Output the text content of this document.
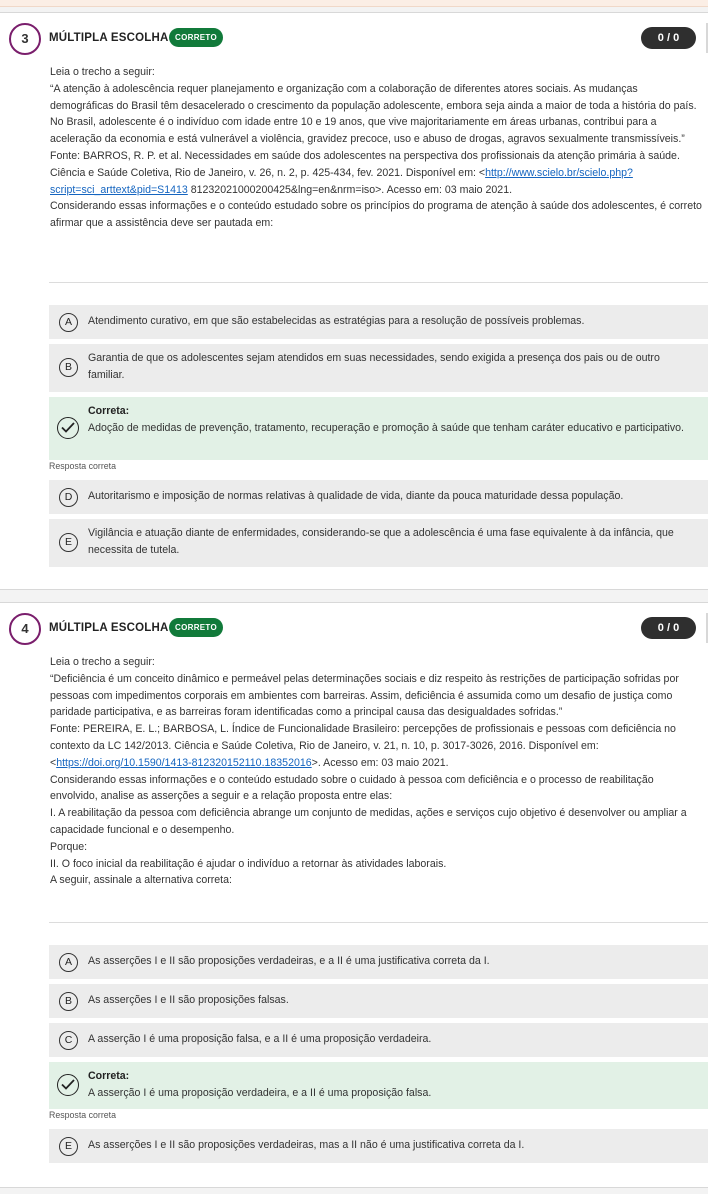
3	MÚLTIPLA ESCOLHA CORRETO	0 / 0

Leia o trecho a seguir:

“A atenção à adolescência requer planejamento e organização com a colaboração de diferentes atores sociais. As mudanças demográficas do Brasil têm desacelerado o crescimento da população adolescente, embora seja ainda a maior de toda a história do país. No Brasil, adolescente é o indivíduo com idade entre 10 e 19 anos, que vive majoritariamente em áreas urbanas, contribui para a aceleração da economia e está vulnerável a violência, gravidez precoce, uso e abuso de drogas, agravos sexualmente transmissíveis.”

Fonte: BARROS, R. P. et al. Necessidades em saúde dos adolescentes na perspectiva dos profissionais da atenção primária à saúde. Ciência e Saúde Coletiva, Rio de Janeiro, v. 26, n. 2, p. 425-434, fev. 2021. Disponível em: <http://www.scielo.br/scielo.php?script=sci_arttext&pid=S1413 81232021000200425&lng=en&nrm=iso>. Acesso em: 03 maio 2021.

Considerando essas informações e o conteúdo estudado sobre os princípios do programa de atenção à saúde dos adolescentes, é correto afirmar que a assistência deve ser pautada em:

A	Atendimento curativo, em que são estabelecidas as estratégias para a resolução de possíveis problemas.
B
Garantia de que os adolescentes sejam atendidos em suas necessidades, sendo exigida a presença dos pais ou de outro familiar.
Correta:
Adoção de medidas de prevenção, tratamento, recuperação e promoção à saúde que tenham caráter educativo e participativo.
Resposta correta
D	Autoritarismo e imposição de normas relativas à qualidade de vida, diante da pouca maturidade dessa população.
E
Vigilância e atuação diante de enfermidades, considerando-se que a adolescência é uma fase equivalente à da infância, que necessita de tutela.
4	MÚLTIPLA ESCOLHA CORRETO	0 / 0

Leia o trecho a seguir:

“Deficiência é um conceito dinâmico e permeável pelas determinações sociais e diz respeito às restrições de participação sofridas por pessoas com impedimentos corporais em ambientes com barreiras. Assim, deficiência é assumida como um desafio de justiça como paridade participativa, e as barreiras foram identificadas como a principal causa das desigualdades sofridas.”

Fonte: PEREIRA, E. L.; BARBOSA, L. Índice de Funcionalidade Brasileiro: percepções de profissionais e pessoas com deficiência no contexto da LC 142/2013. Ciência e Saúde Coletiva, Rio de Janeiro, v. 21, n. 10, p. 3017-3026, 2016. Disponível em: <https://doi.org/10.1590/1413-812320152110.18352016>. Acesso em: 03 maio 2021.

Considerando essas informações e o conteúdo estudado sobre o cuidado à pessoa com deficiência e o processo de reabilitação envolvido, analise as asserções a seguir e a relação proposta entre elas:

I. A reabilitação da pessoa com deficiência abrange um conjunto de medidas, ações e serviços cujo objetivo é desenvolver ou ampliar a capacidade funcional e o desempenho.

Porque:

II. O foco inicial da reabilitação é ajudar o indivíduo a retornar às atividades laborais.

A seguir, assinale a alternativa correta:

A	As asserções I e II são proposições verdadeiras, e a II é uma justificativa correta da I.
B	As asserções I e II são proposições falsas.
C	A asserção I é uma proposição falsa, e a II é uma proposição verdadeira.
Correta:
A asserção I é uma proposição verdadeira, e a II é uma proposição falsa.
Resposta correta
E	As asserções I e II são proposições verdadeiras, mas a II não é uma justificativa correta da I.
